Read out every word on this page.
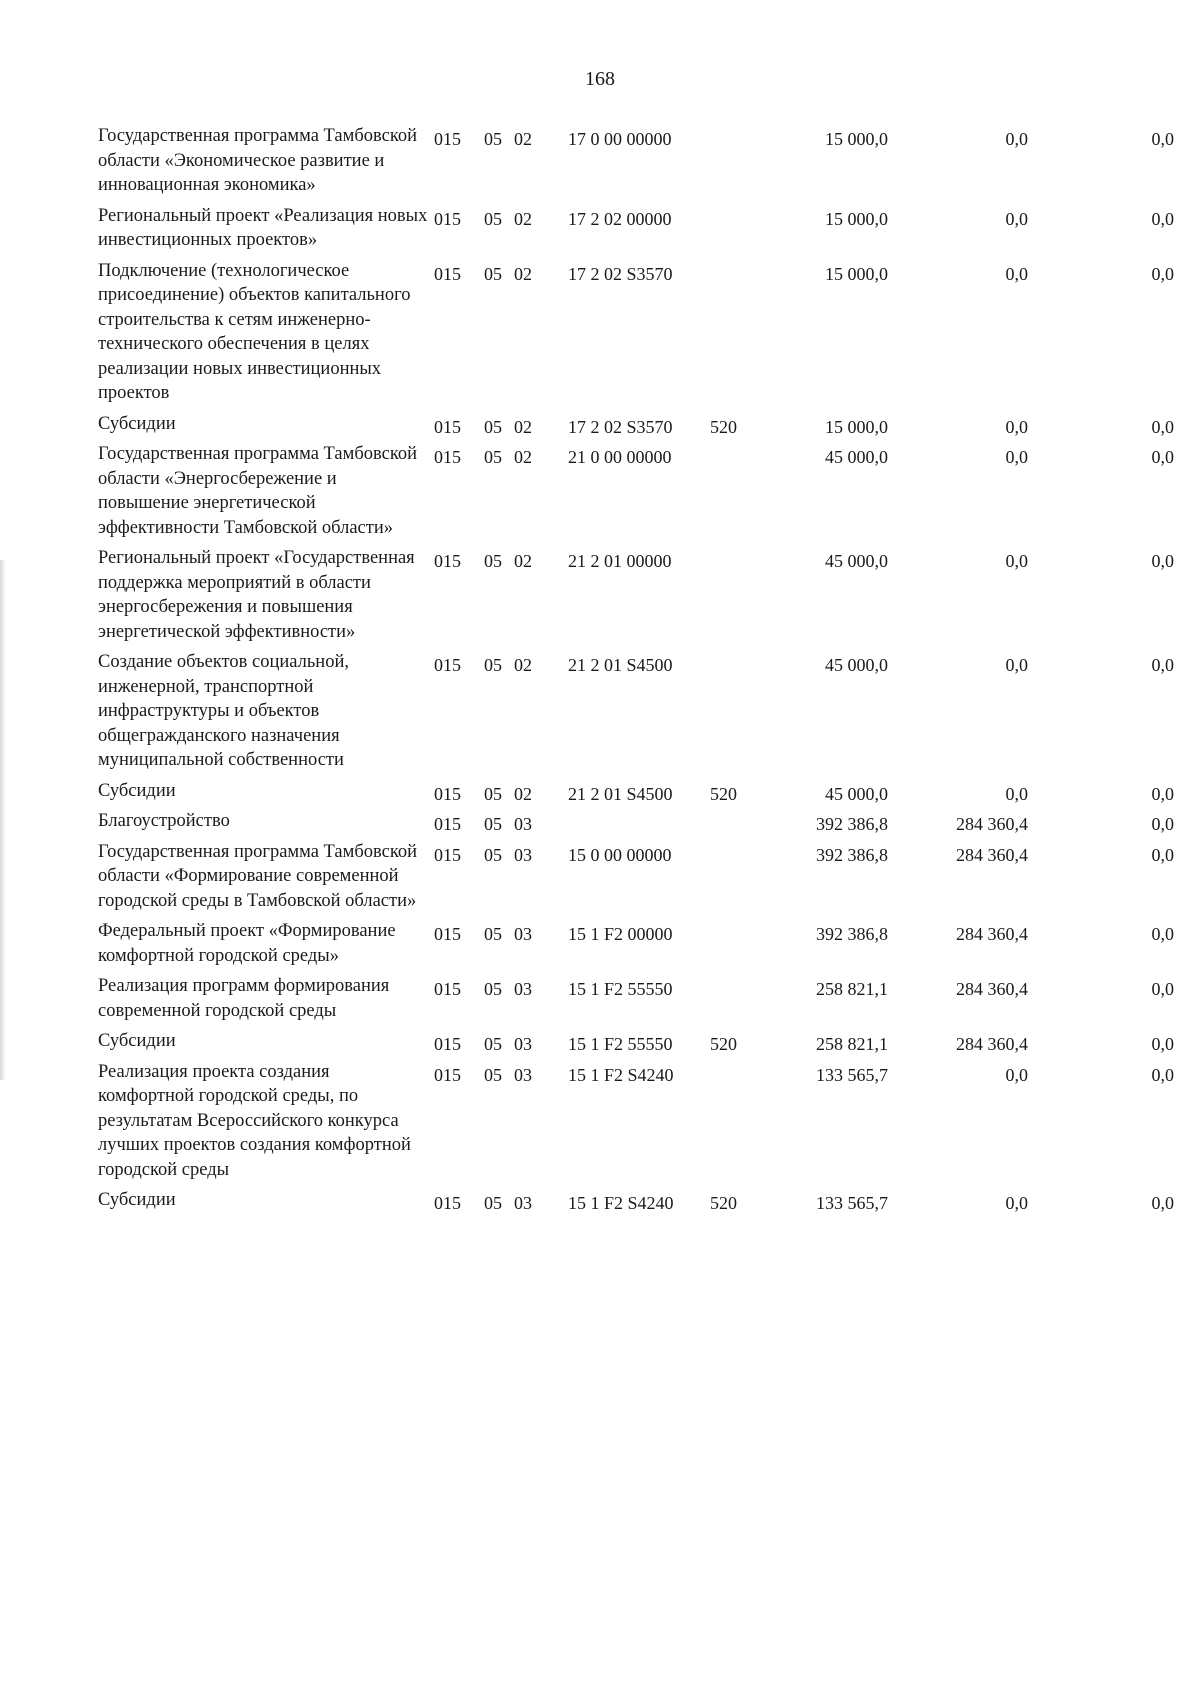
168
Государственная программа Тамбовской области «Экономическое развитие и инновационная экономика»
015 05 02 17 0 00 00000	15 000,0	0,0	0,0
Региональный проект «Реализация новых инвестиционных проектов»
015 05 02 17 2 02 00000	15 000,0	0,0	0,0
Подключение (технологическое присоединение) объектов капитального строительства к сетям инженерно-технического обеспечения в целях реализации новых инвестиционных проектов
015 05 02 17 2 02 S3570	15 000,0	0,0	0,0
Субсидии	015 05 02 17 2 02 S3570 520	15 000,0	0,0	0,0
Государственная программа Тамбовской области «Энергосбережение и повышение энергетической эффективности Тамбовской области»
015 05 02 21 0 00 00000	45 000,0	0,0	0,0
Региональный проект «Государственная поддержка мероприятий в области энергосбережения и повышения энергетической эффективности»
015 05 02 21 2 01 00000	45 000,0	0,0	0,0
Создание объектов социальной, инженерной, транспортной инфраструктуры и объектов общегражданского назначения муниципальной собственности
015 05 02 21 2 01 S4500	45 000,0	0,0	0,0
Субсидии	015 05 02 21 2 01 S4500 520	45 000,0	0,0	0,0
Благоустройство	015 05 03	392 386,8	284 360,4	0,0
Государственная программа Тамбовской области «Формирование современной городской среды в Тамбовской области»
015 05 03 15 0 00 00000	392 386,8	284 360,4	0,0
Федеральный проект «Формирование комфортной городской среды»
015 05 03 15 1 F2 00000	392 386,8	284 360,4	0,0
Реализация программ формирования современной городской среды
015 05 03 15 1 F2 55550	258 821,1	284 360,4	0,0
Субсидии	015 05 03 15 1 F2 55550 520	258 821,1	284 360,4	0,0
Реализация проекта создания комфортной городской среды, по результатам Всероссийского конкурса лучших проектов создания комфортной городской среды
015 05 03 15 1 F2 S4240	133 565,7	0,0	0,0
Субсидии	015 05 03 15 1 F2 S4240 520	133 565,7	0,0	0,0
